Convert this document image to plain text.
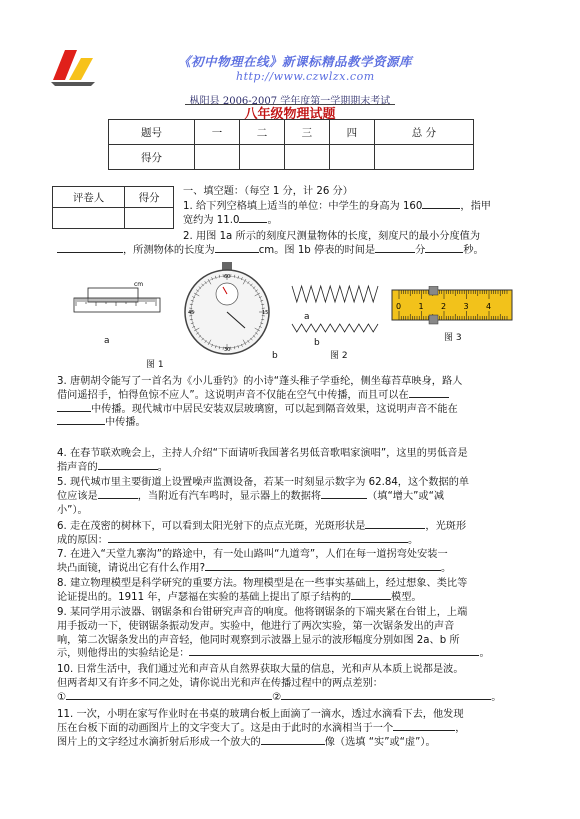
《初中物理在线》新课标精品教学资源库
http://www.czwlzx.com
枞阳县 2006-2007 学年度第一学期期末考试
八年级物理试题
题号	一	二	三	四	总 分
得分					
评卷人	得分
	一、填空题：（每空 1 分，计 26 分）
1. 给下列空格填上适当的单位：中学生的身高为 160	，指甲
宽约为 11.0	。
2. 用图 1a 所示的刻度尺测量物体的长度，刻度尺的最小分度值为
，所测物体的长度为	cm。图 1b 停表的时间是	分	秒。
cm
a
60
15
30
45
图 1
b
a
b
图 2
0 1 2 3 4
图 3
3. 唐朝胡令能写了一首名为《小儿垂钓》的小诗“蓬头稚子学垂纶，侧坐莓苔草映身，路人
借问遥招手，怕得鱼惊不应人”。这说明声音不仅能在空气中传播，而且可以在
中传播。现代城市中居民安装双层玻璃窗，可以起到隔音效果，这说明声音不能在
中传播。
4. 在春节联欢晚会上，主持人介绍“下面请听我国著名男低音歌唱家演唱”，这里的男低音是
指声音的	。
5. 现代城市里主要街道上设置噪声监测设备，若某一时刻显示数字为 62.84，这个数据的单
位应该是	，当附近有汽车鸣时，显示器上的数据将	（填“增大”或“减
小”）。
6. 走在茂密的树林下，可以看到太阳光射下的点点光斑，光斑形状是	，光斑形
成的原因：	。
7. 在进入“天堂九寨沟”的路途中，有一处山路叫“九道弯”，人们在每一道拐弯处安装一
块凸面镜，请说出它有什么作用?	。
8. 建立物理模型是科学研究的重要方法。物理模型是在一些事实基础上，经过想象、类比等
论证提出的。1911 年，卢瑟福在实验的基础上提出了原子结构的	模型。
9. 某同学用示波器、钢锯条和台钳研究声音的响度。他将钢锯条的下端夹紧在台钳上，上端
用手扳动一下，使钢锯条振动发声。实验中，他进行了两次实验，第一次锯条发出的声音
响，第二次锯条发出的声音轻，他同时观察到示波器上显示的波形幅度分别如图 2a、b 所
示，则他得出的实验结论是：	。
10. 日常生活中，我们通过光和声音从自然界获取大量的信息，光和声从本质上说都是波。
但两者却又有许多不同之处，请你说出光和声在传播过程中的两点差别：
①	②	。
11. 一次，小明在家写作业时在书桌的玻璃台板上面滴了一滴水，透过水滴看下去，他发现
压在台板下面的动画图片上的文字变大了。这是由于此时的水滴相当于一个	，
图片上的文字经过水滴折射后形成一个放大的	像（选填 “实”或“虚”）。
